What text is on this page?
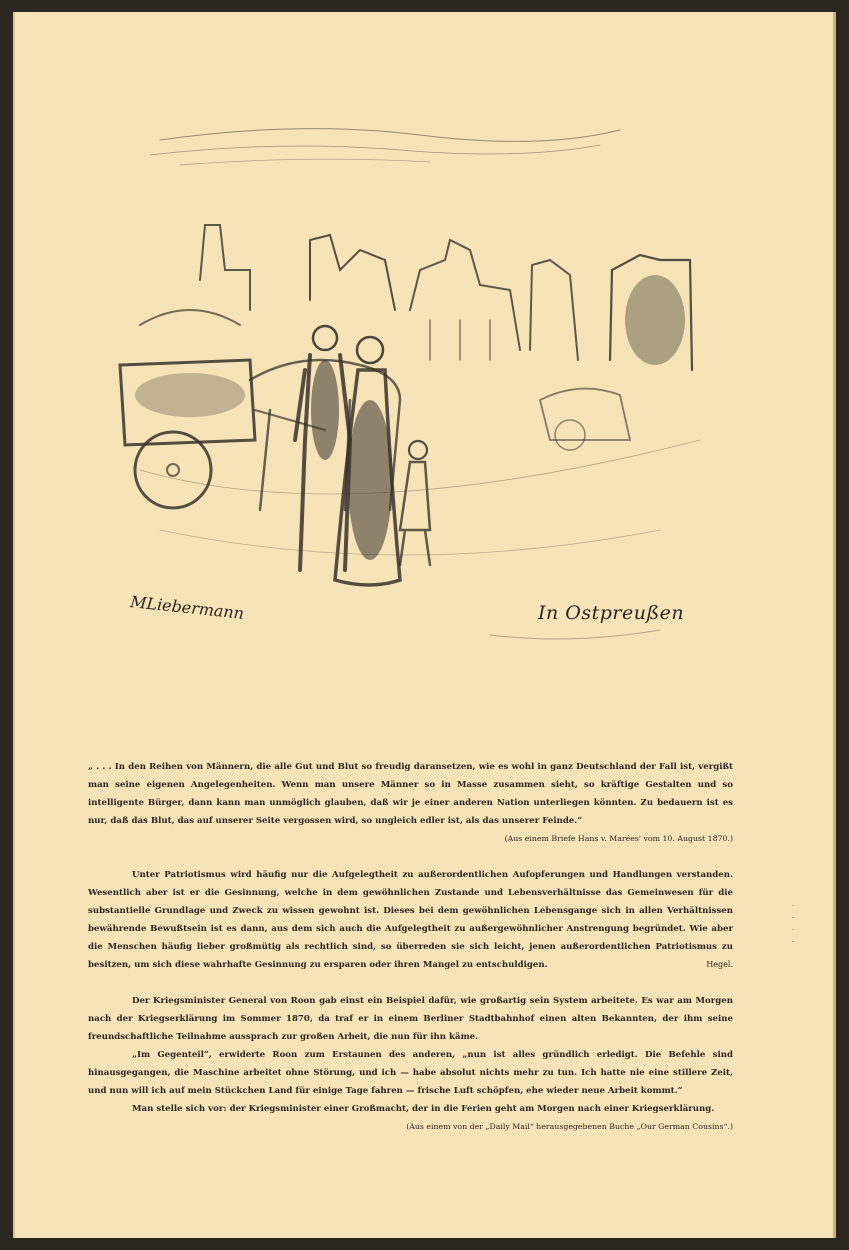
MLiebermann	In Ostpreußen

„ . . . In den Reihen von Männern, die alle Gut und Blut so freudig daransetzen, wie es wohl in ganz Deutschland der Fall ist, vergißt man seine eigenen Angelegenheiten. Wenn man unsere Männer so in Masse zusammen sieht, so kräftige Gestalten und so intelligente Bürger, dann kann man unmöglich glauben, daß wir je einer anderen Nation unterliegen könnten. Zu bedauern ist es nur, daß das Blut, das auf unserer Seite vergossen wird, so ungleich edler ist, als das unserer Feinde.“

(Aus einem Briefe Hans v. Marées' vom 10. August 1870.)

Unter Patriotismus wird häufig nur die Aufgelegtheit zu außerordentlichen Aufopferungen und Handlungen verstanden. Wesentlich aber ist er die Gesinnung, welche in dem gewöhnlichen Zustande und Lebensverhältnisse das Gemeinwesen für die substantielle Grundlage und Zweck zu wissen gewohnt ist. Dieses bei dem gewöhnlichen Lebensgange sich in allen Verhältnissen bewährende Bewußtsein ist es dann, aus dem sich auch die Aufgelegtheit zu außergewöhnlicher Anstrengung begründet. Wie aber die Menschen häufig lieber großmütig als rechtlich sind, so überreden sie sich leicht, jenen außerordentlichen Patriotismus zu besitzen, um sich diese wahrhafte Gesinnung zu ersparen oder ihren Mangel zu entschuldigen.	Hegel.

Der Kriegsminister General von Roon gab einst ein Beispiel dafür, wie großartig sein System arbeitete. Es war am Morgen nach der Kriegserklärung im Sommer 1870, da traf er in einem Berliner Stadtbahnhof einen alten Bekannten, der ihm seine freundschaftliche Teilnahme aussprach zur großen Arbeit, die nun für ihn käme.

„Im Gegenteil“, erwiderte Roon zum Erstaunen des anderen, „nun ist alles gründlich erledigt. Die Befehle sind hinausgegangen, die Maschine arbeitet ohne Störung, und ich — habe absolut nichts mehr zu tun. Ich hatte nie eine stillere Zeit, und nun will ich auf mein Stückchen Land für einige Tage fahren — frische Luft schöpfen, ehe wieder neue Arbeit kommt.“

Man stelle sich vor: der Kriegsminister einer Großmacht, der in die Ferien geht am Morgen nach einer Kriegserklärung.

(Aus einem von der „Daily Mail“ herausgegebenen Buche „Our German Cousins“.)

·
·
·
·
